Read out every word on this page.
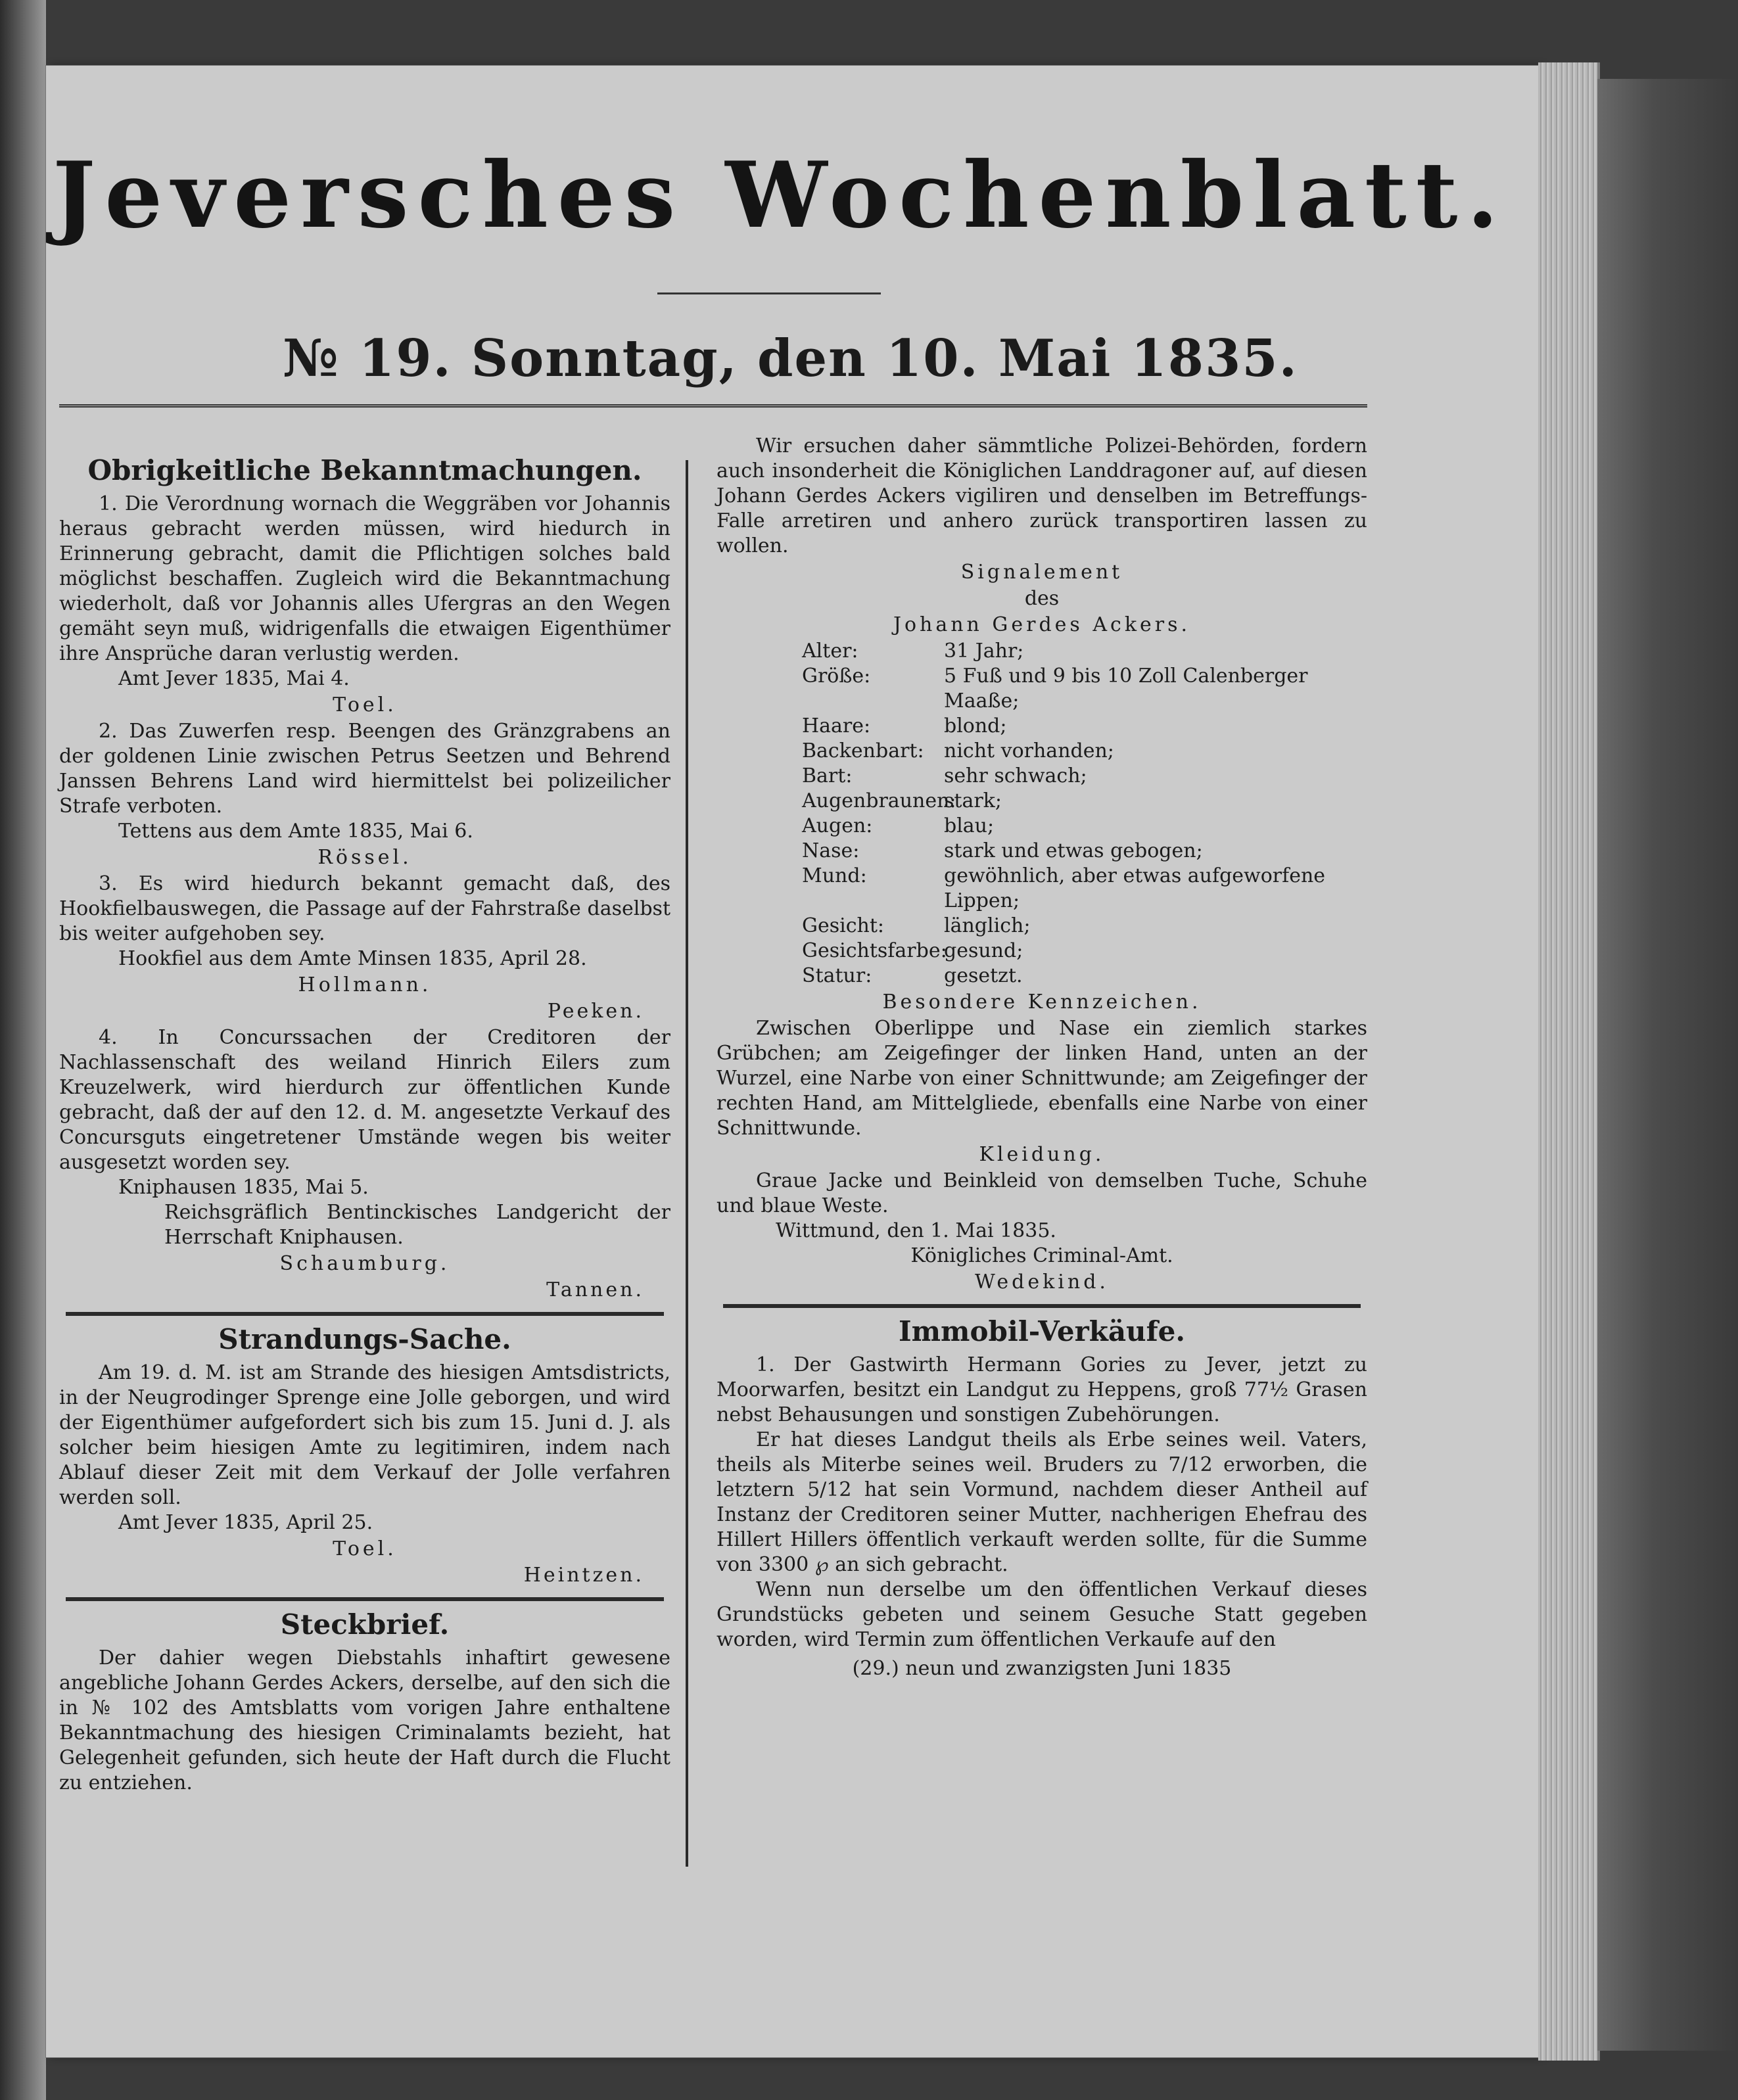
Jeversches Wochenblatt.
№ 19. Sonntag, den 10. Mai 1835.
Obrigkeitliche Bekanntmachungen.

1. Die Verordnung wornach die Weggräben vor Johannis heraus gebracht werden müssen, wird hiedurch in Erinnerung gebracht, damit die Pflichtigen solches bald möglichst beschaffen. Zugleich wird die Bekanntmachung wiederholt, daß vor Johannis alles Ufergras an den Wegen gemäht seyn muß, widrigenfalls die etwaigen Eigenthümer ihre Ansprüche daran verlustig werden.

Amt Jever 1835, Mai 4.

Toel.

2. Das Zuwerfen resp. Beengen des Gränzgrabens an der goldenen Linie zwischen Petrus Seetzen und Behrend Janssen Behrens Land wird hiermittelst bei polizeilicher Strafe verboten.

Tettens aus dem Amte 1835, Mai 6.

Rössel.

3. Es wird hiedurch bekannt gemacht daß, des Hookfielbauswegen, die Passage auf der Fahrstraße daselbst bis weiter aufgehoben sey.

Hookfiel aus dem Amte Minsen 1835, April 28.

Hollmann.
Peeken.

4. In Concurssachen der Creditoren der Nachlassenschaft des weiland Hinrich Eilers zum Kreuzelwerk, wird hierdurch zur öffentlichen Kunde gebracht, daß der auf den 12. d. M. angesetzte Verkauf des Concursguts eingetretener Umstände wegen bis weiter ausgesetzt worden sey.

Kniphausen 1835, Mai 5.

Reichsgräflich Bentinckisches Landgericht der Herrschaft Kniphausen.

Schaumburg.
Tannen.
Strandungs-Sache.

Am 19. d. M. ist am Strande des hiesigen Amtsdistricts, in der Neugrodinger Sprenge eine Jolle geborgen, und wird der Eigenthümer aufgefordert sich bis zum 15. Juni d. J. als solcher beim hiesigen Amte zu legitimiren, indem nach Ablauf dieser Zeit mit dem Verkauf der Jolle verfahren werden soll.

Amt Jever 1835, April 25.

Toel.
Heintzen.
Steckbrief.

Der dahier wegen Diebstahls inhaftirt gewesene angebliche Johann Gerdes Ackers, derselbe, auf den sich die in № 102 des Amtsblatts vom vorigen Jahre enthaltene Bekanntmachung des hiesigen Criminalamts bezieht, hat Gelegenheit gefunden, sich heute der Haft durch die Flucht zu entziehen.

Wir ersuchen daher sämmtliche Polizei-Behörden, fordern auch insonderheit die Königlichen Landdragoner auf, auf diesen Johann Gerdes Ackers vigiliren und denselben im Betreffungs-Falle arretiren und anhero zurück transportiren lassen zu wollen.

Signalement
des
Johann Gerdes Ackers.
Alter:	31 Jahr;
Größe:	5 Fuß und 9 bis 10 Zoll Calenberger Maaße;
Haare:	blond;
Backenbart:	nicht vorhanden;
Bart:	sehr schwach;
Augenbraunen:
stark;
Augen:	blau;
Nase:	stark und etwas gebogen;
Mund:	gewöhnlich, aber etwas aufgeworfene Lippen;
Gesicht:	länglich;
Gesichtsfarbe:
gesund;
Statur:	gesetzt.
Besondere Kennzeichen.

Zwischen Oberlippe und Nase ein ziemlich starkes Grübchen; am Zeigefinger der linken Hand, unten an der Wurzel, eine Narbe von einer Schnittwunde; am Zeigefinger der rechten Hand, am Mittelgliede, ebenfalls eine Narbe von einer Schnittwunde.

Kleidung.

Graue Jacke und Beinkleid von demselben Tuche, Schuhe und blaue Weste.

Wittmund, den 1. Mai 1835.

Königliches Criminal-Amt.
Wedekind.
Immobil-Verkäufe.

1. Der Gastwirth Hermann Gories zu Jever, jetzt zu Moorwarfen, besitzt ein Landgut zu Heppens, groß 77½ Grasen nebst Behausungen und sonstigen Zubehörungen.

Er hat dieses Landgut theils als Erbe seines weil. Vaters, theils als Miterbe seines weil. Bruders zu 7/12 erworben, die letztern 5/12 hat sein Vormund, nachdem dieser Antheil auf Instanz der Creditoren seiner Mutter, nachherigen Ehefrau des Hillert Hillers öffentlich verkauft werden sollte, für die Summe von 3300 ℘ an sich gebracht.

Wenn nun derselbe um den öffentlichen Verkauf dieses Grundstücks gebeten und seinem Gesuche Statt gegeben worden, wird Termin zum öffentlichen Verkaufe auf den

(29.) neun und zwanzigsten Juni 1835
